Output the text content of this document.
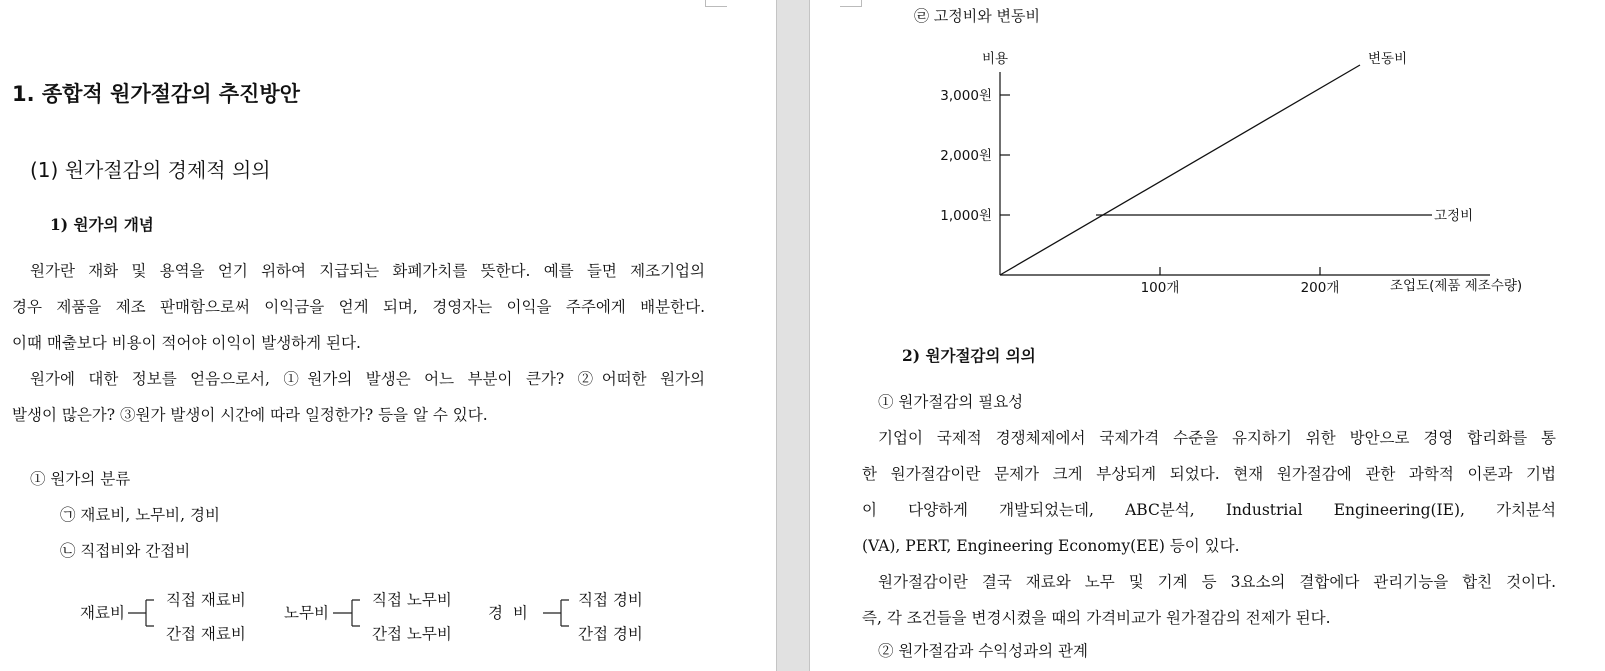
1. 종합적 원가절감의 추진방안
(1) 원가절감의 경제적 의의
1) 원가의 개념
원가란 재화 및 용역을 얻기 위하여 지급되는 화폐가치를 뜻한다. 예를 들면 제조기업의
경우 제품을 제조 판매함으로써 이익금을 얻게 되며, 경영자는 이익을 주주에게 배분한다.
이때 매출보다 비용이 적어야 이익이 발생하게 된다.
원가에 대한 정보를 얻음으로서, ①원가의 발생은 어느 부분이 큰가? ②어떠한 원가의
발생이 많은가? ③원가 발생이 시간에 따라 일정한가? 등을 알 수 있다.
① 원가의 분류
㉠ 재료비, 노무비, 경비
㉡ 직접비와 간접비
재료비
직접 재료비
간접 재료비
노무비
직접 노무비
간접 노무비
경  비
직접 경비
간접 경비
㉣ 고정비와 변동비
비용
조업도(제품 제조수량)
1,000원
2,000원
3,000원
100개	200개
변동비
고정비
2) 원가절감의 의의
① 원가절감의 필요성
기업이 국제적 경쟁체제에서 국제가격 수준을 유지하기 위한 방안으로 경영 합리화를 통
한 원가절감이란 문제가 크게 부상되게 되었다. 현재 원가절감에 관한 과학적 이론과 기법
이 다양하게 개발되었는데, ABC분석, Industrial Engineering(IE), 가치분석
(VA), PERT, Engineering Economy(EE) 등이 있다.
원가절감이란 결국 재료와 노무 및 기계 등 3요소의 결합에다 관리기능을 합친 것이다.
즉, 각 조건들을 변경시켰을 때의 가격비교가 원가절감의 전제가 된다.
② 원가절감과 수익성과의 관계
